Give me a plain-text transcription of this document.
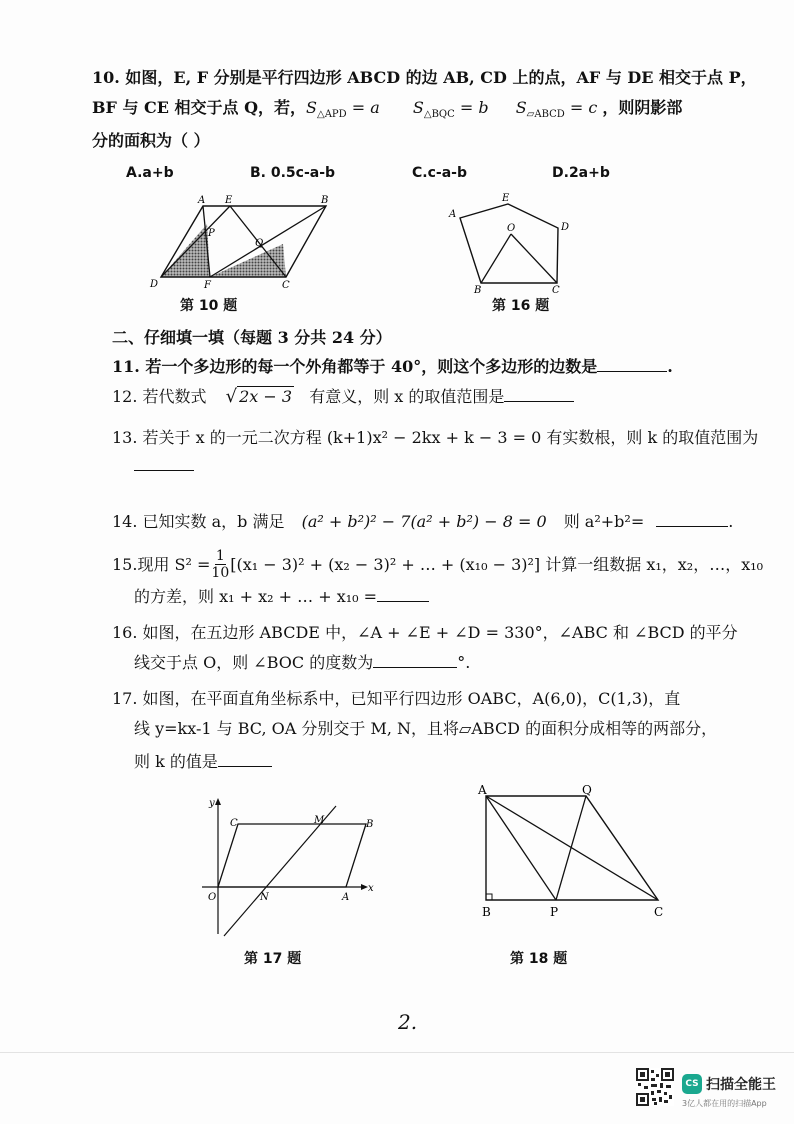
10. 如图，E, F 分别是平行四边形 ABCD 的边 AB, CD 上的点，AF 与 DE 相交于点 P，
BF 与 CE 相交于点 Q，若，$S_{\triangle APD} = a$ $S_{\triangle BQC} = b$ $S_{▱ABCD} = c$ ，则阴影部
分的面积为（ ）
A.a+b	B. 0.5c-a-b	C.c-a-b	D.2a+b
A E	B
P
Q
D	F	C
第 10 题
E
A
O	D
B	C
第 16 题
二、仔细填一填（每题 3 分共 24 分）
11. 若一个多边形的每一个外角都等于 40°，则这个多边形的边数是	.
12. 若代数式 √ 2x − 3 有意义，则 x 的取值范围是
13. 若关于 x 的一元二次方程 (k+1)x² − 2kx + k − 3 = 0 有实数根，则 k 的取值范围为
14. 已知实数 a，b 满足 (a² + b²)² − 7(a² + b²) − 8 = 0 则 a²+b²=	.
15.现用 $S^2 = \frac{1}{10} [(x_1 - 3)^2 + (x_2 - 3)^2$ + … + (x₁₀ − 3)²] 计算一组数据 x₁，x₂，…，x₁₀
的方差，则 x₁ + x₂ + … + x₁₀ =
16. 如图，在五边形 ABCDE 中，∠A + ∠E + ∠D = 330°，∠ABC 和 ∠BCD 的平分
线交于点 O，则 ∠BOC 的度数为	°.
17. 如图，在平面直角坐标系中，已知平行四边形 OABC，A(6,0)，C(1,3)，直
线 y=kx-1 与 BC, OA 分别交于 M, N，且将▱ABCD 的面积分成相等的两部分，
则 k 的值是
y
C	M	B
O	N	A
x
第 17 题
A	Q
B	P	C
第 18 题
2.
CS 扫描全能王
3亿人都在用的扫描App
